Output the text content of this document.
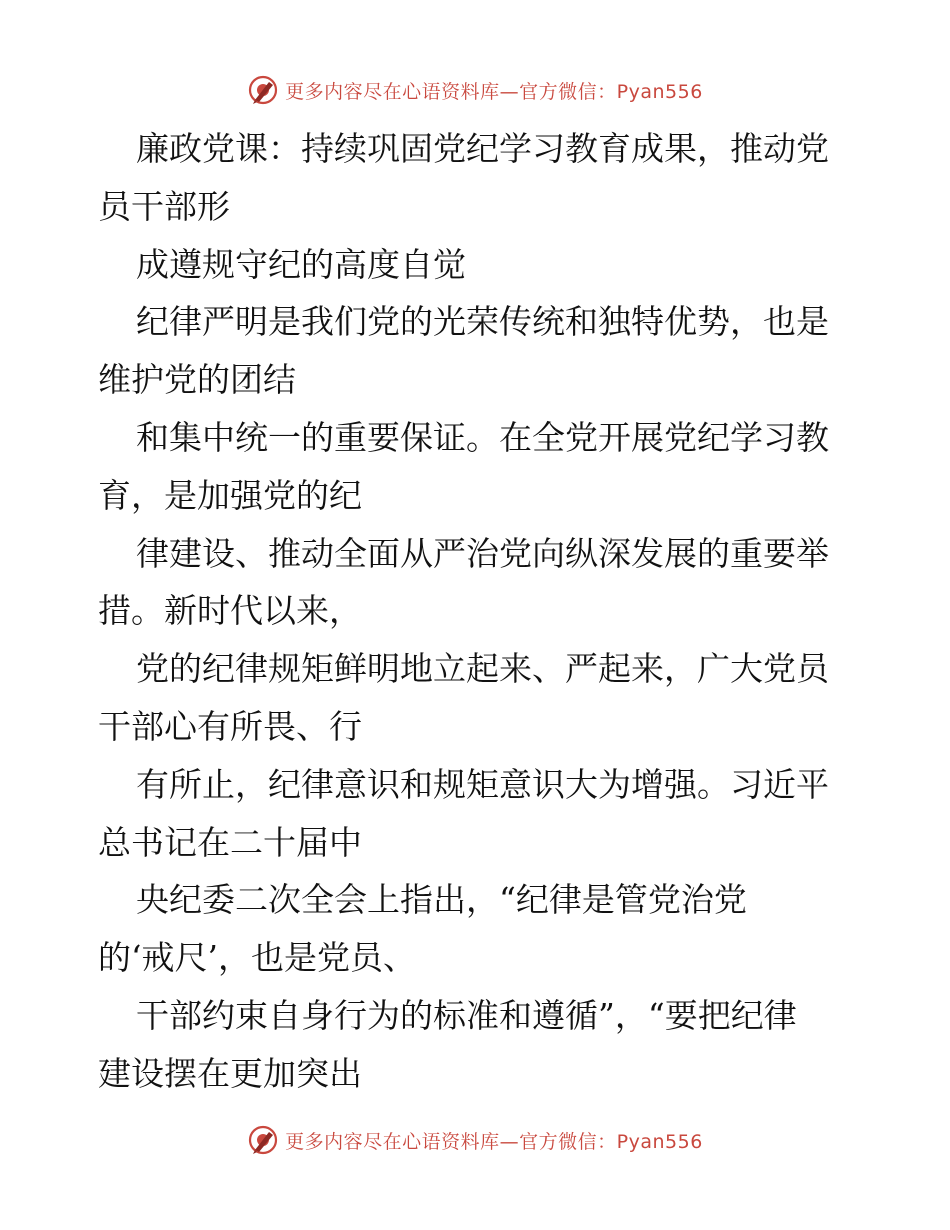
更多内容尽在心语资料库—官方微信：Pyan556
廉政党课：持续巩固党纪学习教育成果，推动党
员干部形
成遵规守纪的高度自觉
纪律严明是我们党的光荣传统和独特优势，也是
维护党的团结
和集中统一的重要保证。在全党开展党纪学习教
育，是加强党的纪
律建设、推动全面从严治党向纵深发展的重要举
措。新时代以来，
党的纪律规矩鲜明地立起来、严起来，广大党员
干部心有所畏、行
有所止，纪律意识和规矩意识大为增强。习近平
总书记在二十届中
央纪委二次全会上指出，“纪律是管党治党
的‘戒尺’，也是党员、
干部约束自身行为的标准和遵循”，“要把纪律
建设摆在更加突出
更多内容尽在心语资料库—官方微信：Pyan556
